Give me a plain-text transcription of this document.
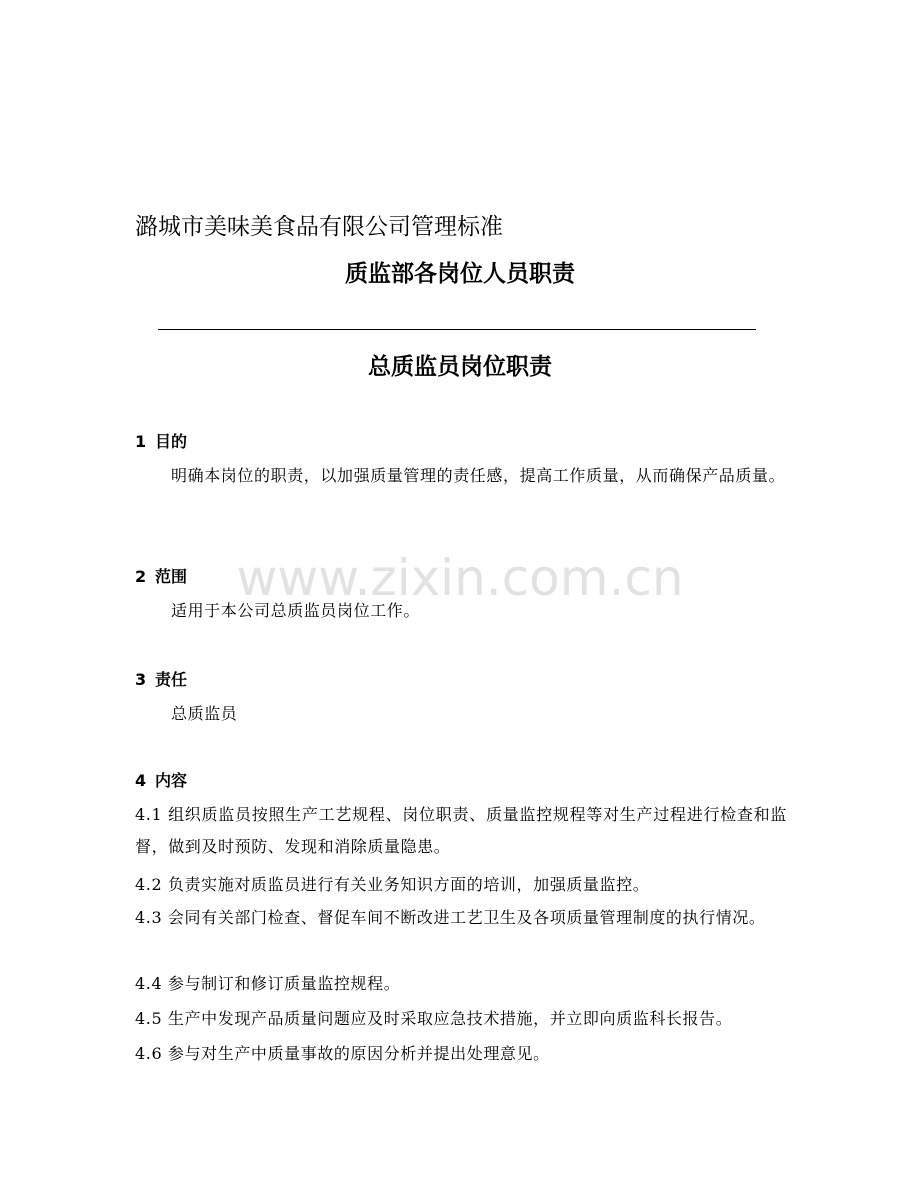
www.zixin.com.cn
潞城市美味美食品有限公司管理标准
质监部各岗位人员职责
总质监员岗位职责
1 目的
明确本岗位的职责，以加强质量管理的责任感，提高工作质量，从而确保产品质量。
2 范围
适用于本公司总质监员岗位工作。
3 责任
总质监员
4 内容
4.1 组织质监员按照生产工艺规程、岗位职责、质量监控规程等对生产过程进行检查和监督，做到及时预防、发现和消除质量隐患。
4.2 负责实施对质监员进行有关业务知识方面的培训，加强质量监控。
4.3 会同有关部门检查、督促车间不断改进工艺卫生及各项质量管理制度的执行情况。
4.4 参与制订和修订质量监控规程。
4.5 生产中发现产品质量问题应及时采取应急技术措施，并立即向质监科长报告。
4.6 参与对生产中质量事故的原因分析并提出处理意见。
